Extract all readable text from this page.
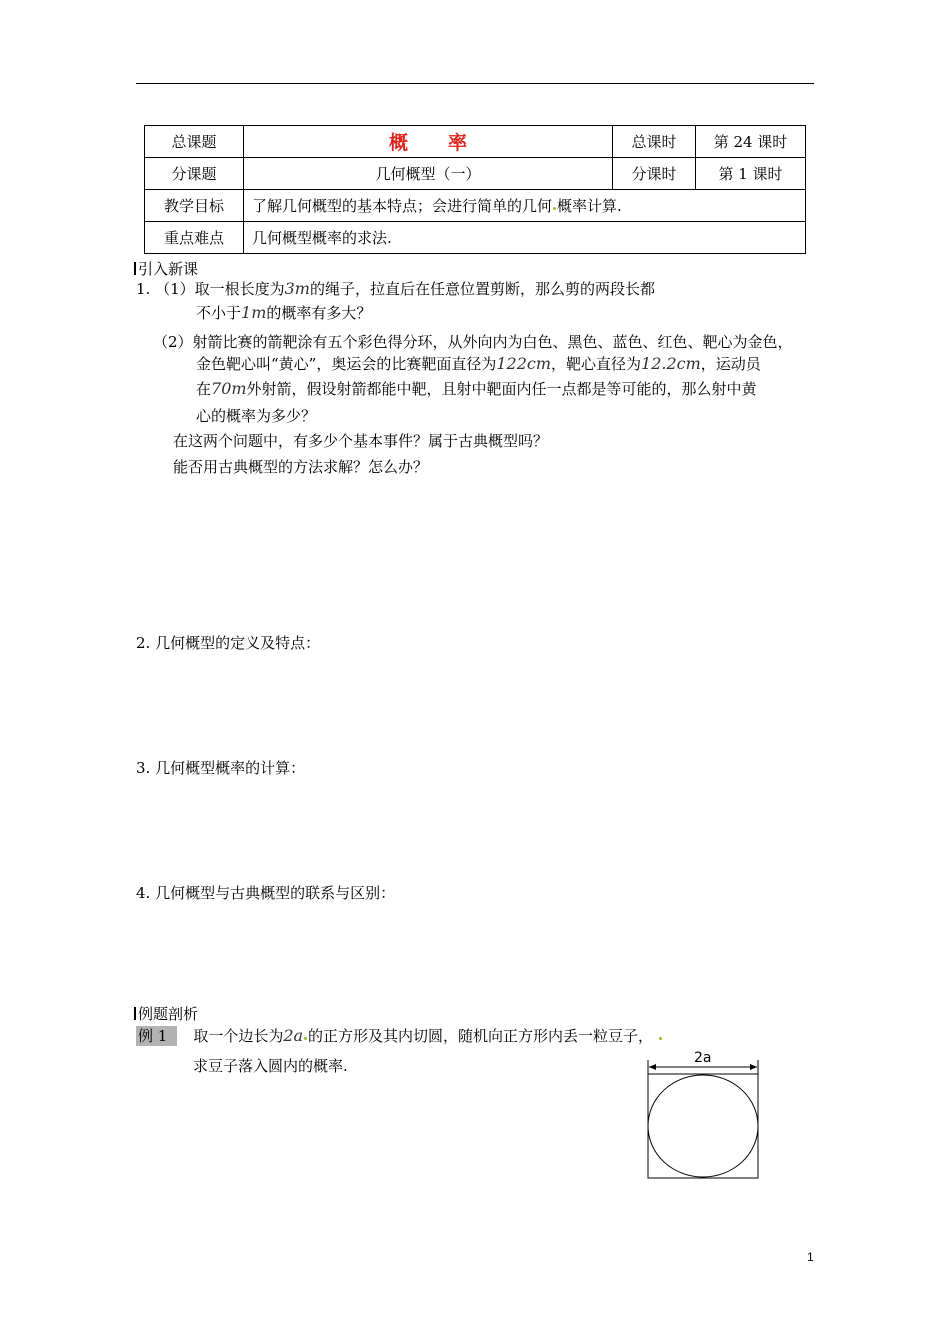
总课题	概率	总课时	第 24 课时
分课题	几何概型（一）	分课时	第 1 课时
教学目标	了解几何概型的基本特点；会进行简单的几何 概率计算.		
重点难点	几何概型概率的求法.		
引入新课
1. （1）取一根长度为3m的绳子，拉直后在任意位置剪断，那么剪的两段长都
不小于1m的概率有多大？
（2）射箭比赛的箭靶涂有五个彩色得分环，从外向内为白色、黑色、蓝色、红色、靶心为金色，
金色靶心叫“黄心”，奥运会的比赛靶面直径为122cm，靶心直径为12.2cm，运动员
在70m外射箭，假设射箭都能中靶，且射中靶面内任一点都是等可能的，那么射中黄
心的概率为多少？
在这两个问题中，有多少个基本事件？属于古典概型吗？
能否用古典概型的方法求解？怎么办？
2. 几何概型的定义及特点：
3. 几何概型概率的计算：
4. 几何概型与古典概型的联系与区别：
例题剖析
例 1 取一个边长为2a 的正方形及其内切圆，随机向正方形内丢一粒豆子，
求豆子落入圆内的概率.	2a
1
